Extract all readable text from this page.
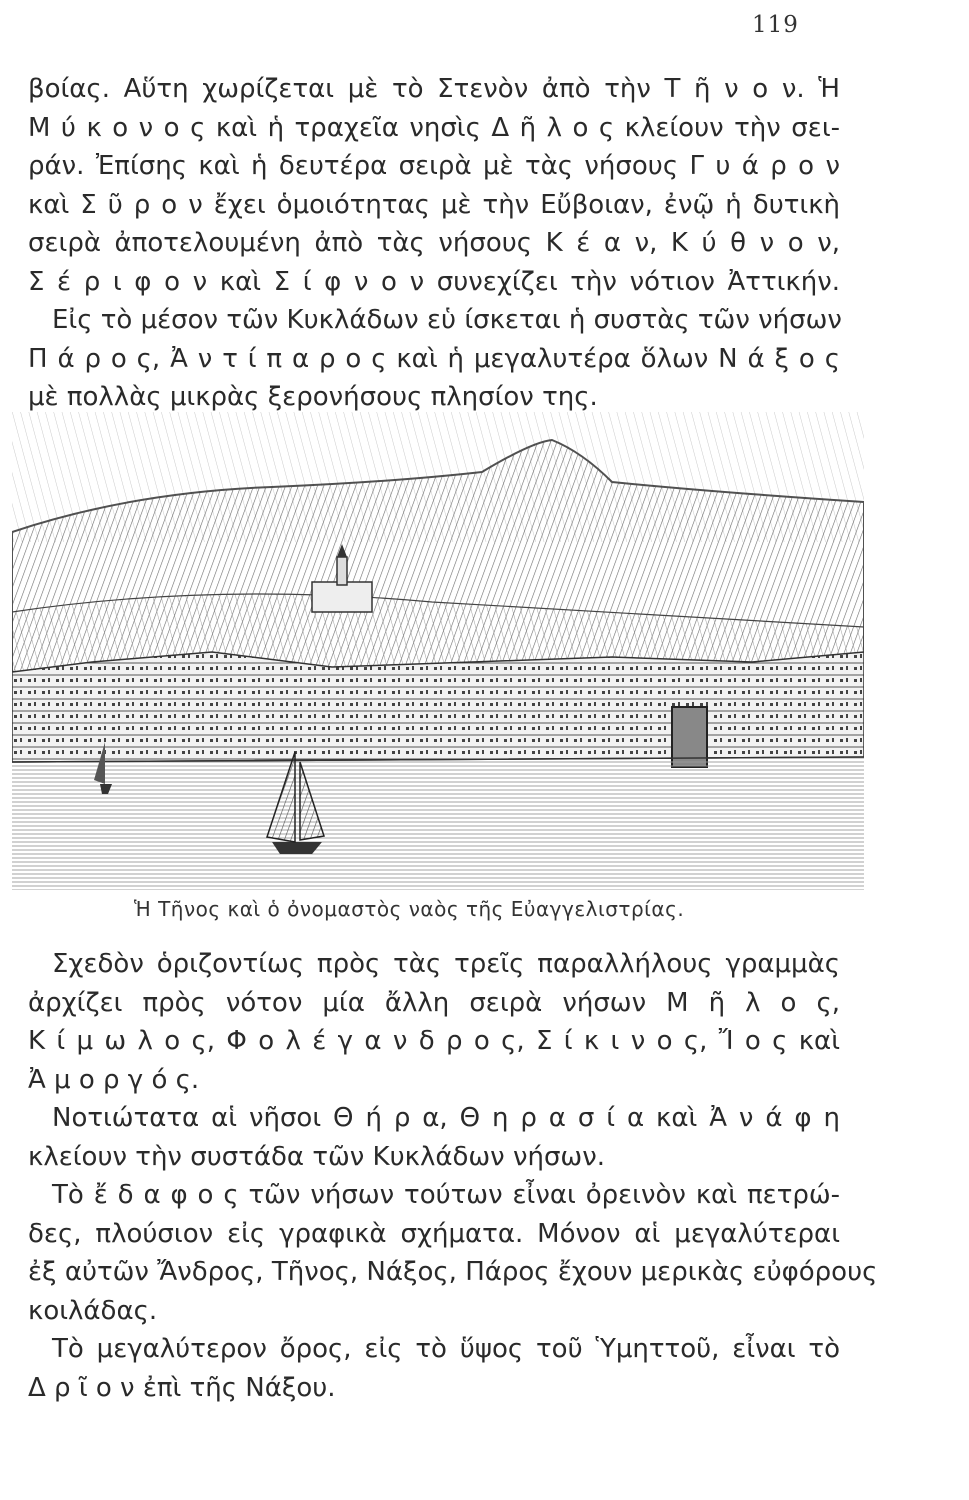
119
βοίας. Αὕτη χωρίζεται μὲ τὸ Στενὸν ἀπὸ τὴν Τ ῆ ν ο ν. Ἡ
Μ ύ κ ο ν ο ς καὶ ἡ τραχεῖα νησὶς Δ ῆ λ ο ς κλείουν τὴν σει-
ράν. Ἐπίσης καὶ ἡ δευτέρα σειρὰ μὲ τὰς νήσους Γ υ ά ρ ο ν
καὶ Σ ῦ ρ ο ν ἔχει ὁμοιότητας μὲ τὴν Εὔβοιαν, ἐνῷ ἡ δυτικὴ
σειρὰ ἀποτελουμένη ἀπὸ τὰς νήσους Κ έ α ν, Κ ύ θ ν ο ν,
Σ έ ρ ι φ ο ν καὶ Σ ί φ ν ο ν συνεχίζει τὴν νότιον Ἀττικήν.
Εἰς τὸ μέσον τῶν Κυκλάδων εὑ ίσκεται ἡ συστὰς τῶν νήσων
Π ά ρ ο ς, Ἀ ν τ ί π α ρ ο ς καὶ ἡ μεγαλυτέρα ὅλων Ν ά ξ ο ς
μὲ πολλὰς μικρὰς ξερονήσους πλησίον της.
Ἡ Τῆνος καὶ ὁ ὀνομαστὸς ναὸς τῆς Εὐαγγελιστρίας.
Σχεδὸν ὁριζοντίως πρὸς τὰς τρεῖς παραλλήλους γραμμὰς
ἀρχίζει πρὸς νότον μία ἄλλη σειρὰ νήσων Μ ῆ λ ο ς,
Κ ί μ ω λ ο ς, Φ ο λ έ γ α ν δ ρ ο ς, Σ ί κ ι ν ο ς, Ἴ ο ς καὶ
Ἀ μ ο ρ γ ό ς.
Νοτιώτατα αἱ νῆσοι Θ ή ρ α, Θ η ρ α σ ί α καὶ Ἀ ν ά φ η
κλείουν τὴν συστάδα τῶν Κυκλάδων νήσων.
Τὸ ἔ δ α φ ο ς τῶν νήσων τούτων εἶναι ὀρεινὸν καὶ πετρώ-
δες, πλούσιον εἰς γραφικὰ σχήματα. Μόνον αἱ μεγαλύτεραι
ἐξ αὐτῶν Ἄνδρος, Τῆνος, Νάξος, Πάρος ἔχουν μερικὰς εὐφόρους
κοιλάδας.
Τὸ μεγαλύτερον ὄρος, εἰς τὸ ὕψος τοῦ Ὑμηττοῦ, εἶναι τὸ
Δ ρ ῖ ο ν ἐπὶ τῆς Νάξου.
